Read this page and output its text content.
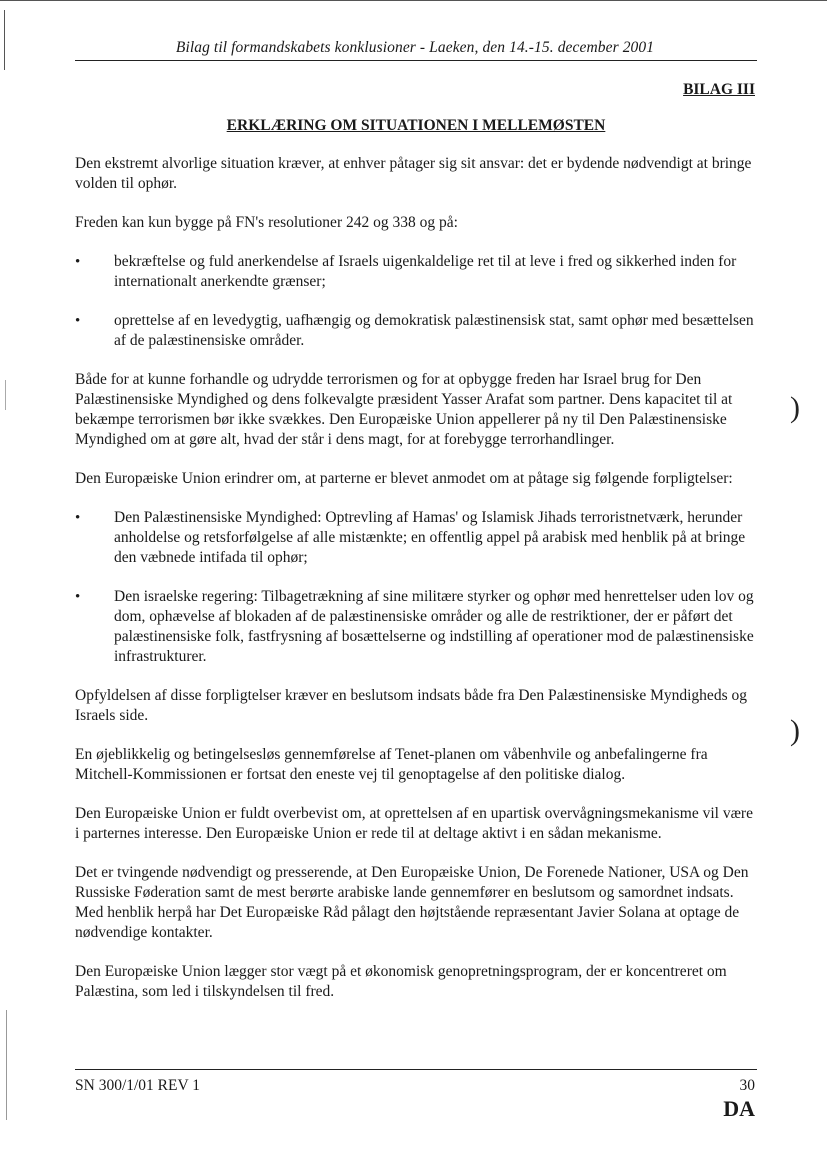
)
)
Bilag til formandskabets konklusioner - Laeken, den 14.-15. december 2001
BILAG III
ERKLÆRING OM SITUATIONEN I MELLEMØSTEN

Den ekstremt alvorlige situation kræver, at enhver påtager sig sit ansvar: det er bydende nødvendigt at bringe volden til ophør.

Freden kan kun bygge på FN's resolutioner 242 og 338 og på:

•	bekræftelse og fuld anerkendelse af Israels uigenkaldelige ret til at leve i fred og sikkerhed inden for internationalt anerkendte grænser;
•	oprettelse af en levedygtig, uafhængig og demokratisk palæstinensisk stat, samt ophør med besættelsen af de palæstinensiske områder.

Både for at kunne forhandle og udrydde terrorismen og for at opbygge freden har Israel brug for Den Palæstinensiske Myndighed og dens folkevalgte præsident Yasser Arafat som partner. Dens kapacitet til at bekæmpe terrorismen bør ikke svækkes. Den Europæiske Union appellerer på ny til Den Palæstinensiske Myndighed om at gøre alt, hvad der står i dens magt, for at forebygge terrorhandlinger.

Den Europæiske Union erindrer om, at parterne er blevet anmodet om at påtage sig følgende forpligtelser:

•	Den Palæstinensiske Myndighed: Optrevling af Hamas' og Islamisk Jihads terroristnetværk, herunder anholdelse og retsforfølgelse af alle mistænkte; en offentlig appel på arabisk med henblik på at bringe den væbnede intifada til ophør;
•	Den israelske regering: Tilbagetrækning af sine militære styrker og ophør med henrettelser uden lov og dom, ophævelse af blokaden af de palæstinensiske områder og alle de restriktioner, der er påført det palæstinensiske folk, fastfrysning af bosættelserne og indstilling af operationer mod de palæstinensiske infrastrukturer.

Opfyldelsen af disse forpligtelser kræver en beslutsom indsats både fra Den Palæstinensiske Myndigheds og Israels side.

En øjeblikkelig og betingelsesløs gennemførelse af Tenet-planen om våbenhvile og anbefalingerne fra Mitchell-Kommissionen er fortsat den eneste vej til genoptagelse af den politiske dialog.

Den Europæiske Union er fuldt overbevist om, at oprettelsen af en upartisk overvågningsmekanisme vil være i parternes interesse. Den Europæiske Union er rede til at deltage aktivt i en sådan mekanisme.

Det er tvingende nødvendigt og presserende, at Den Europæiske Union, De Forenede Nationer, USA og Den Russiske Føderation samt de mest berørte arabiske lande gennemfører en beslutsom og samordnet indsats. Med henblik herpå har Det Europæiske Råd pålagt den højtstående repræsentant Javier Solana at optage de nødvendige kontakter.

Den Europæiske Union lægger stor vægt på et økonomisk genopretningsprogram, der er koncentreret om Palæstina, som led i tilskyndelsen til fred.

SN 300/1/01 REV 1	30
DA
